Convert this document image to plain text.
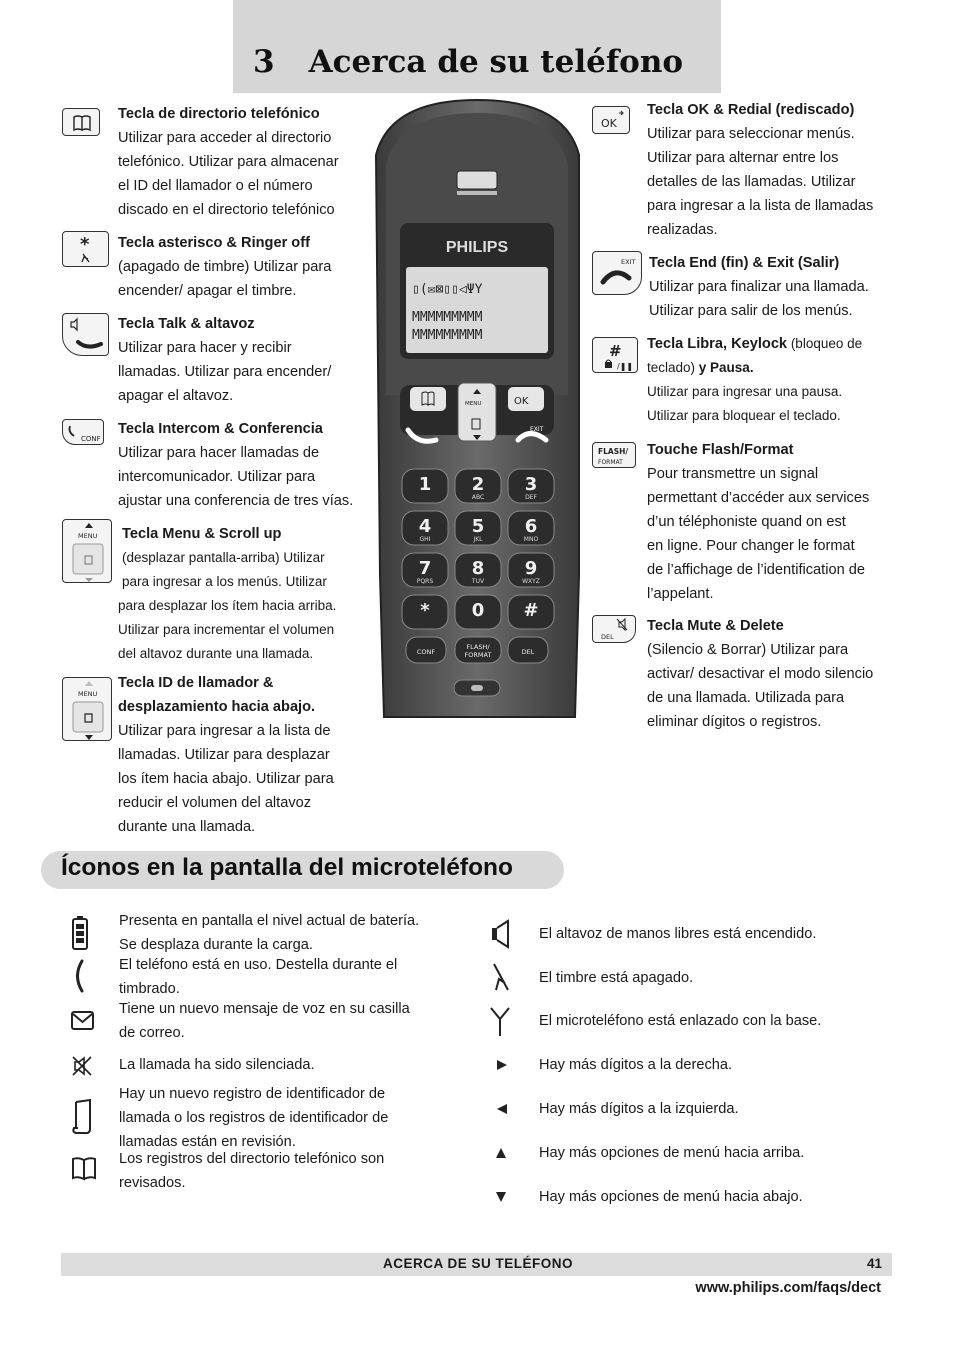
3 Acerca de su teléfono
*
CONF
MENU
MENU
Tecla de directorio telefónico
Utilizar para acceder al directorio
telefónico. Utilizar para almacenar
el ID del llamador o el número
discado en el directorio telefónico
Tecla asterisco & Ringer off
(apagado de timbre) Utilizar para
encender/ apagar el timbre.
Tecla Talk & altavoz
Utilizar para hacer y recibir
llamadas. Utilizar para encender/
apagar el altavoz.
Tecla Intercom & Conferencia
Utilizar para hacer llamadas de
intercomunicador. Utilizar para
ajustar una conferencia de tres vías.
Tecla Menu & Scroll up
(desplazar pantalla-arriba) Utilizar
para ingresar a los menús. Utilizar
para desplazar los ítem hacia arriba.
Utilizar para incrementar el volumen
del altavoz durante una llamada.
Tecla ID de llamador &
desplazamiento hacia abajo.
Utilizar para ingresar a la lista de
llamadas. Utilizar para desplazar
los ítem hacia abajo. Utilizar para
reducir el volumen del altavoz
durante una llamada.
PHILIPS
▯(✉⊠▯▯◁ΨΥ
MMMMMMMMM
MMMMMMMMM
OK
MENU
EXIT
1 2
ABC
3
DEF
4
GHI
5
JKL
6
MNO
7
PQRS
8
TUV
9
WXYZ
* 0 #
CONF
FLASH/
FORMAT	DEL
OK
EXIT
#
/❚❚
FLASH/
FORMAT
DEL
Tecla OK & Redial (rediscado)
Utilizar para seleccionar menús.
Utilizar para alternar entre los
detalles de las llamadas. Utilizar
para ingresar a la lista de llamadas
realizadas.
Tecla End (fin) & Exit (Salir)
Utilizar para finalizar una llamada.
Utilizar para salir de los menús.
Tecla Libra, Keylock (bloqueo de
teclado) y Pausa.
Utilizar para ingresar una pausa.
Utilizar para bloquear el teclado.
Touche Flash/Format
Pour transmettre un signal
permettant d’accéder aux services
d’un téléphoniste quand on est
en ligne. Pour changer le format
de l’affichage de l’identification de
l’appelant.
Tecla Mute & Delete
(Silencio & Borrar) Utilizar para
activar/ desactivar el modo silencio
de una llamada. Utilizada para
eliminar dígitos o registros.
Íconos en la pantalla del microteléfono
Presenta en pantalla el nivel actual de batería.
Se desplaza durante la carga.
El teléfono está en uso. Destella durante el
timbrado.
Tiene un nuevo mensaje de voz en su casilla
de correo.
La llamada ha sido silenciada.
Hay un nuevo registro de identificador de
llamada o los registros de identificador de
llamadas están en revisión.
Los registros del directorio telefónico son
revisados.
El altavoz de manos libres está encendido.
El timbre está apagado.
El microteléfono está enlazado con la base.
Hay más dígitos a la derecha.
Hay más dígitos a la izquierda.
Hay más opciones de menú hacia arriba.
Hay más opciones de menú hacia abajo.
ACERCA DE SU TELÉFONO	41
www.philips.com/faqs/dect
